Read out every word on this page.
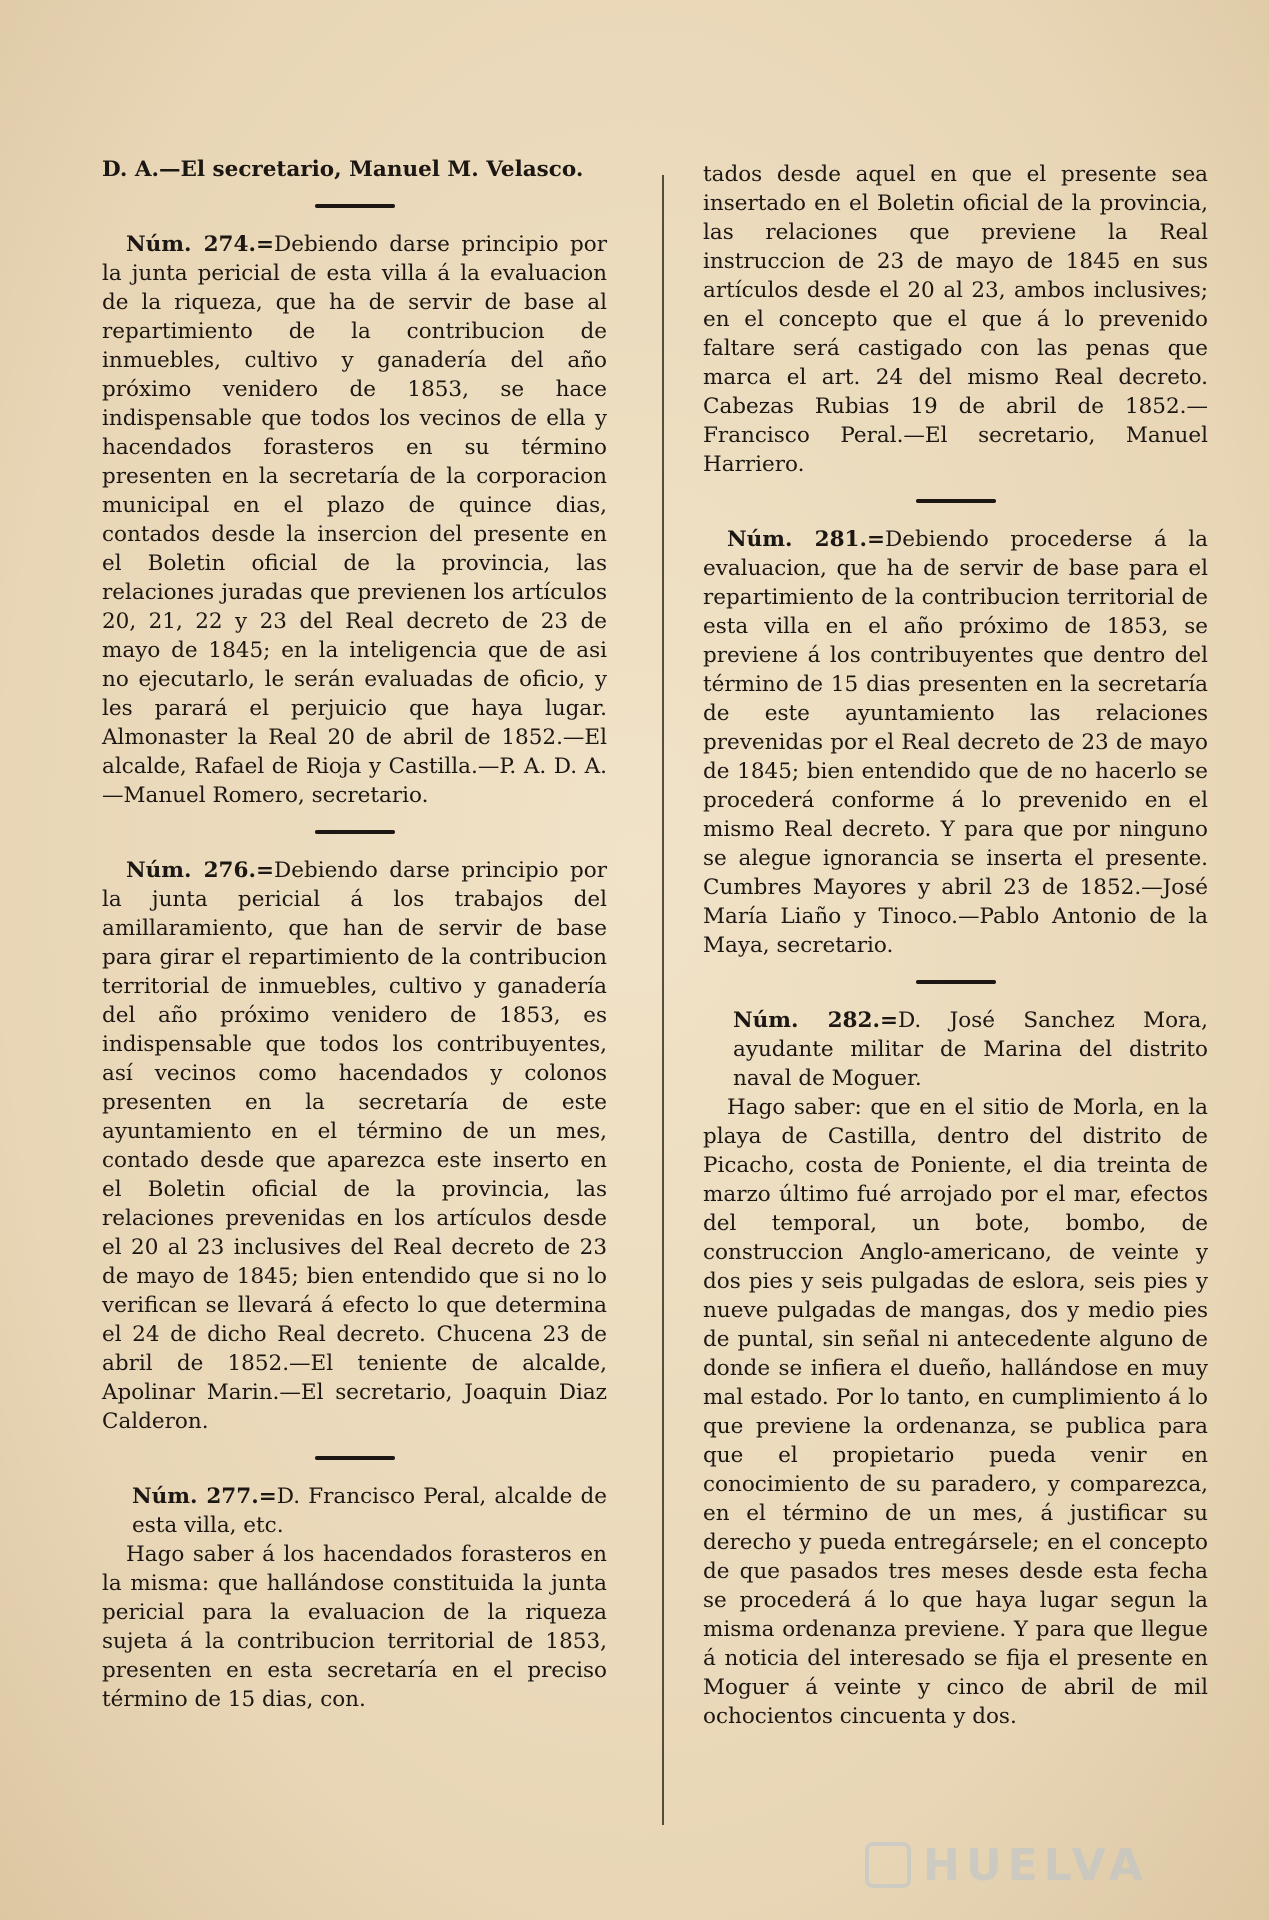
D. A.—El secretario, Manuel M. Velasco.

Núm. 274.=Debiendo darse principio por la junta pericial de esta villa á la evaluacion de la riqueza, que ha de servir de base al repartimiento de la contribucion de inmuebles, cultivo y ganadería del año próximo venidero de 1853, se hace indispensable que todos los vecinos de ella y hacendados forasteros en su término presenten en la secretaría de la corporacion municipal en el plazo de quince dias, contados desde la insercion del presente en el Boletin oficial de la provincia, las relaciones juradas que previenen los artículos 20, 21, 22 y 23 del Real decreto de 23 de mayo de 1845; en la inteligencia que de asi no ejecutarlo, le serán evaluadas de oficio, y les parará el perjuicio que haya lugar. Almonaster la Real 20 de abril de 1852.—El alcalde, Rafael de Rioja y Castilla.—P. A. D. A.—Manuel Romero, secretario.

Núm. 276.=Debiendo darse principio por la junta pericial á los trabajos del amillaramiento, que han de servir de base para girar el repartimiento de la contribucion territorial de inmuebles, cultivo y ganadería del año próximo venidero de 1853, es indispensable que todos los contribuyentes, así vecinos como hacendados y colonos presenten en la secretaría de este ayuntamiento en el término de un mes, contado desde que aparezca este inserto en el Boletin oficial de la provincia, las relaciones prevenidas en los artículos desde el 20 al 23 inclusives del Real decreto de 23 de mayo de 1845; bien entendido que si no lo verifican se llevará á efecto lo que determina el 24 de dicho Real decreto. Chucena 23 de abril de 1852.—El teniente de alcalde, Apolinar Marin.—El secretario, Joaquin Diaz Calderon.

Núm. 277.=D. Francisco Peral, alcalde de esta villa, etc.

Hago saber á los hacendados forasteros en la misma: que hallándose constituida la junta pericial para la evaluacion de la riqueza sujeta á la contribucion territorial de 1853, presenten en esta secretaría en el preciso término de 15 dias, con.

tados desde aquel en que el presente sea insertado en el Boletin oficial de la provincia, las relaciones que previene la Real instruccion de 23 de mayo de 1845 en sus artículos desde el 20 al 23, ambos inclusives; en el concepto que el que á lo prevenido faltare será castigado con las penas que marca el art. 24 del mismo Real decreto. Cabezas Rubias 19 de abril de 1852.—Francisco Peral.—El secretario, Manuel Harriero.

Núm. 281.=Debiendo procederse á la evaluacion, que ha de servir de base para el repartimiento de la contribucion territorial de esta villa en el año próximo de 1853, se previene á los contribuyentes que dentro del término de 15 dias presenten en la secretaría de este ayuntamiento las relaciones prevenidas por el Real decreto de 23 de mayo de 1845; bien entendido que de no hacerlo se procederá conforme á lo prevenido en el mismo Real decreto. Y para que por ninguno se alegue ignorancia se inserta el presente. Cumbres Mayores y abril 23 de 1852.—José María Liaño y Tinoco.—Pablo Antonio de la Maya, secretario.

Núm. 282.=D. José Sanchez Mora, ayudante militar de Marina del distrito naval de Moguer.

Hago saber: que en el sitio de Morla, en la playa de Castilla, dentro del distrito de Picacho, costa de Poniente, el dia treinta de marzo último fué arrojado por el mar, efectos del temporal, un bote, bombo, de construccion Anglo-americano, de veinte y dos pies y seis pulgadas de eslora, seis pies y nueve pulgadas de mangas, dos y medio pies de puntal, sin señal ni antecedente alguno de donde se infiera el dueño, hallándose en muy mal estado. Por lo tanto, en cumplimiento á lo que previene la ordenanza, se publica para que el propietario pueda venir en conocimiento de su paradero, y comparezca, en el término de un mes, á justificar su derecho y pueda entregársele; en el concepto de que pasados tres meses desde esta fecha se procederá á lo que haya lugar segun la misma ordenanza previene. Y para que llegue á noticia del interesado se fija el presente en Moguer á veinte y cinco de abril de mil ochocientos cincuenta y dos.

HUELVA
